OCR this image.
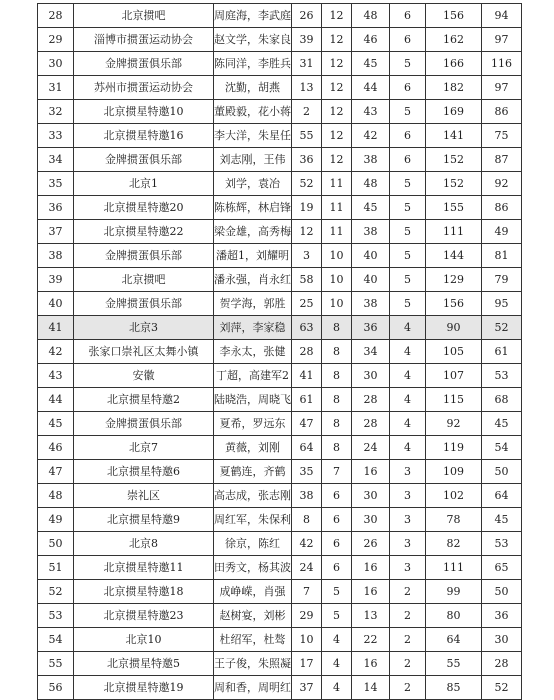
28	北京掼吧	周庭海，李武庭	26	12	48	6	156	94
29	淄博市掼蛋运动协会	赵文学，朱家良	39	12	46	6	162	97
30	金牌掼蛋俱乐部	陈同洋，李胜兵	31	12	45	5	166	116
31	苏州市掼蛋运动协会	沈勤，胡燕	13	12	44	6	182	97
32	北京掼星特邀10	董殿毅，花小蒋	2	12	43	5	169	86
33	北京掼星特邀16	李大洋，朱星任	55	12	42	6	141	75
34	金牌掼蛋俱乐部	刘志刚，王伟	36	12	38	6	152	87
35	北京1	刘学，袁冶	52	11	48	5	152	92
36	北京掼星特邀20	陈栋辉，林启锋	19	11	45	5	155	86
37	北京掼星特邀22	梁金雄，高秀梅	12	11	38	5	111	49
38	金牌掼蛋俱乐部	潘超1，刘耀明	3	10	40	5	144	81
39	北京掼吧	潘永强，肖永红	58	10	40	5	129	79
40	金牌掼蛋俱乐部	贺学海，郭胜	25	10	38	5	156	95
41	北京3	刘萍，李家稳	63	8	36	4	90	52
42	张家口崇礼区太舞小镇	李永太，张健	28	8	34	4	105	61
43	安徽	丁超，高建军2	41	8	30	4	107	53
44	北京掼星特邀2	陆晓浩，周晓飞	61	8	28	4	115	68
45	金牌掼蛋俱乐部	夏希，罗远东	47	8	28	4	92	45
46	北京7	黄薇，刘刚	64	8	24	4	119	54
47	北京掼星特邀6	夏鹤连，齐鹤	35	7	16	3	109	50
48	崇礼区	高志成，张志刚	38	6	30	3	102	64
49	北京掼星特邀9	周红军，朱保利	8	6	30	3	78	45
50	北京8	徐京，陈红	42	6	26	3	82	53
51	北京掼星特邀11	田秀文，杨其波	24	6	16	3	111	65
52	北京掼星特邀18	成峥嵘，肖强	7	5	16	2	99	50
53	北京掼星特邀23	赵树宴，刘彬	29	5	13	2	80	36
54	北京10	杜绍军，杜骜	10	4	22	2	64	30
55	北京掼星特邀5	王子俊，朱照凝	17	4	16	2	55	28
56	北京掼星特邀19	周和香，周明红	37	4	14	2	85	52
